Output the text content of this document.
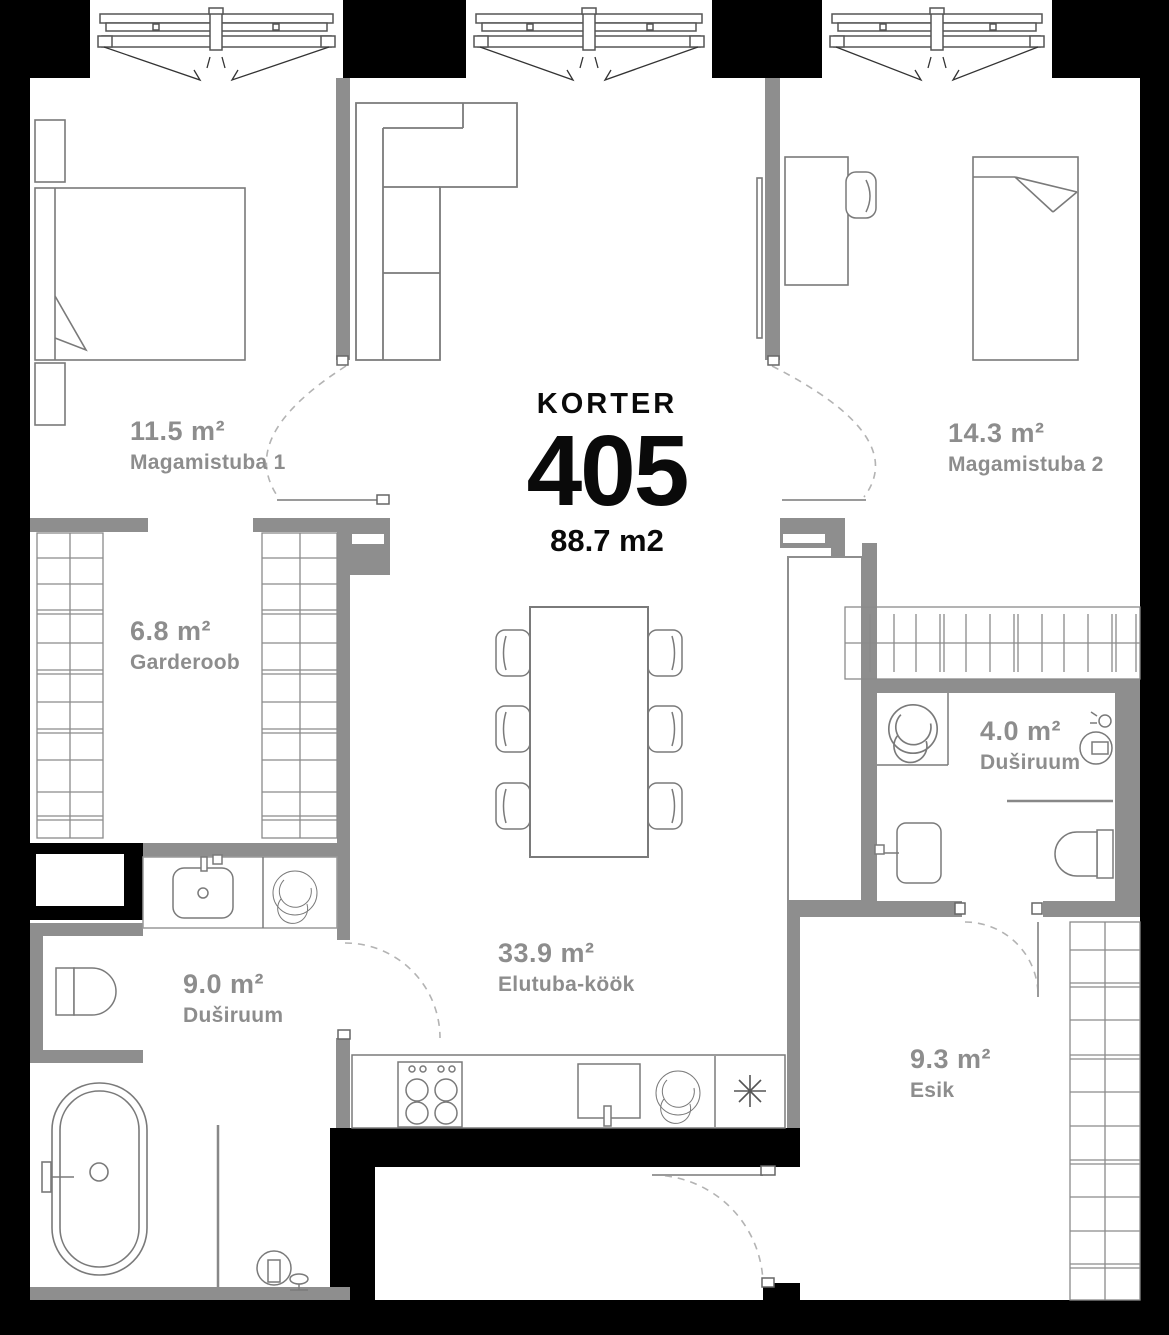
KORTER
405
88.7 m2
11.5 m²
Magamistuba 1
14.3 m²
Magamistuba 2
6.8 m²
Garderoob
4.0 m²
Duširuum
9.0 m²
Duširuum
33.9 m²
Elutuba-köök
9.3 m²
Esik
